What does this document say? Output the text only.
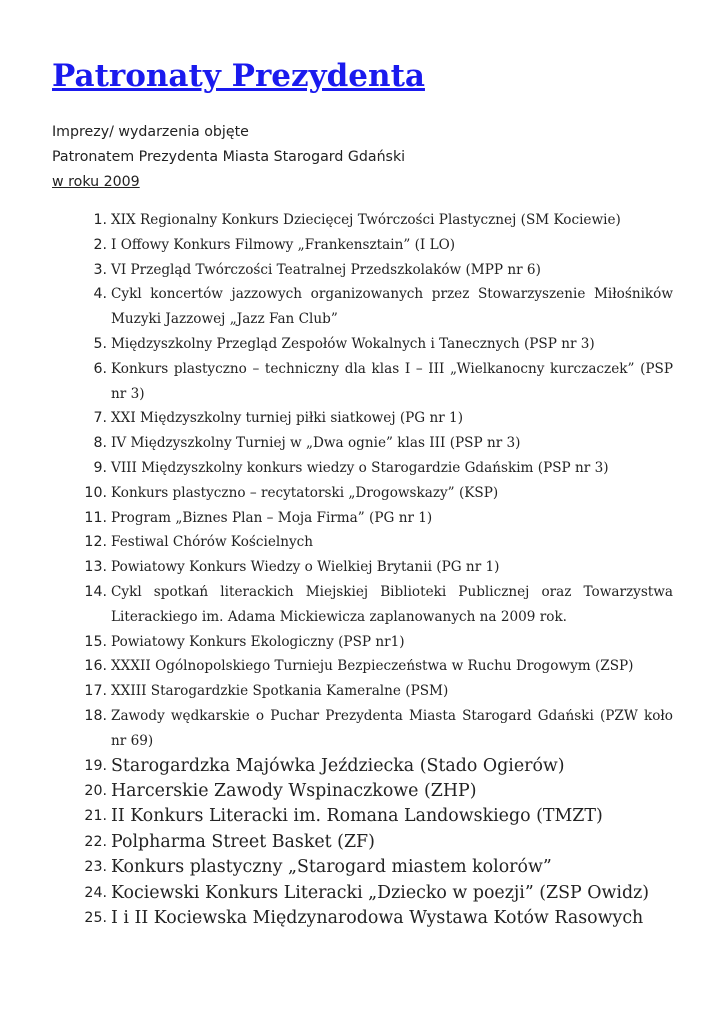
Patronaty Prezydenta
Imprezy/ wydarzenia objęte
Patronatem Prezydenta Miasta Starogard Gdański
w roku 2009
1. XIX Regionalny Konkurs Dziecięcej Twórczości Plastycznej (SM Kociewie)
2. I Offowy Konkurs Filmowy „Frankensztain” (I LO)
3. VI Przegląd Twórczości Teatralnej Przedszkolaków (MPP nr 6)
4. Cykl koncertów jazzowych organizowanych przez Stowarzyszenie Miłośników Muzyki Jazzowej „Jazz Fan Club”
5. Międzyszkolny Przegląd Zespołów Wokalnych i Tanecznych (PSP nr 3)
6. Konkurs plastyczno – techniczny dla klas I – III „Wielkanocny kurczaczek” (PSP nr 3)
7. XXI Międzyszkolny turniej piłki siatkowej (PG nr 1)
8. IV Międzyszkolny Turniej w „Dwa ognie” klas III (PSP nr 3)
9. VIII Międzyszkolny konkurs wiedzy o Starogardzie Gdańskim (PSP nr 3)
10. Konkurs plastyczno – recytatorski „Drogowskazy” (KSP)
11. Program „Biznes Plan – Moja Firma” (PG nr 1)
12. Festiwal Chórów Kościelnych
13. Powiatowy Konkurs Wiedzy o Wielkiej Brytanii (PG nr 1)
14. Cykl spotkań literackich Miejskiej Biblioteki Publicznej oraz Towarzystwa Literackiego im. Adama Mickiewicza zaplanowanych na 2009 rok.
15. Powiatowy Konkurs Ekologiczny (PSP nr1)
16. XXXII Ogólnopolskiego Turnieju Bezpieczeństwa w Ruchu Drogowym (ZSP)
17. XXIII Starogardzkie Spotkania Kameralne (PSM)
18. Zawody wędkarskie o Puchar Prezydenta Miasta Starogard Gdański (PZW koło nr 69)
19. Starogardzka Majówka Jeździecka (Stado Ogierów)
20. Harcerskie Zawody Wspinaczkowe (ZHP)
21. II Konkurs Literacki im. Romana Landowskiego (TMZT)
22. Polpharma Street Basket (ZF)
23. Konkurs plastyczny „Starogard miastem kolorów”
24. Kociewski Konkurs Literacki „Dziecko w poezji” (ZSP Owidz)
25. I i II Kociewska Międzynarodowa Wystawa Kotów Rasowych
